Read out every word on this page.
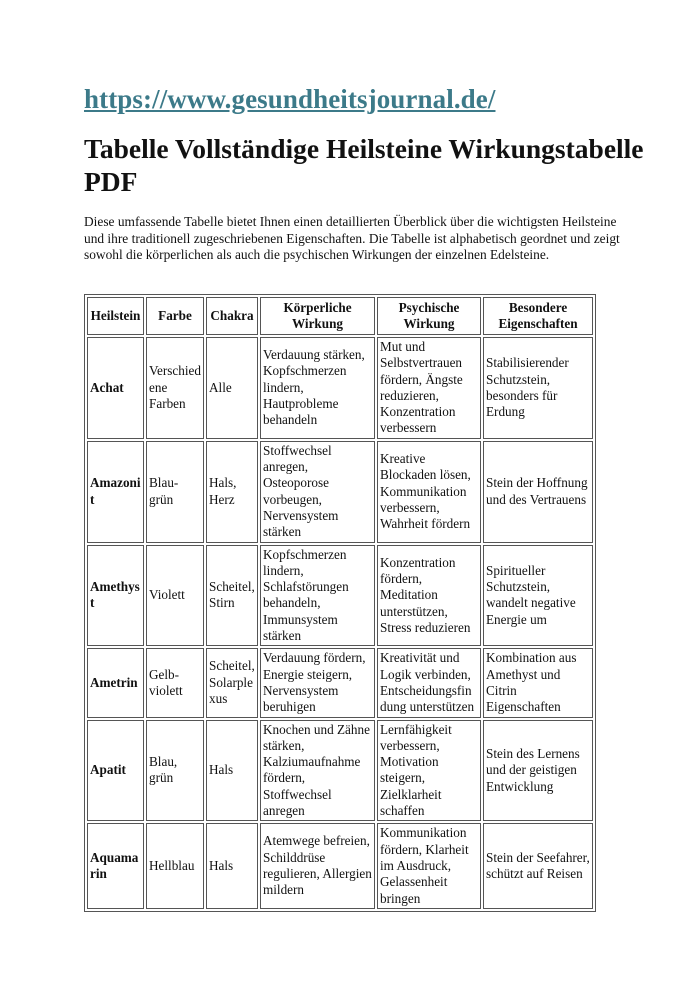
https://www.gesundheitsjournal.de/
Tabelle Vollständige Heilsteine Wirkungstabelle PDF

Diese umfassende Tabelle bietet Ihnen einen detaillierten Überblick über die wichtigsten Heilsteine und ihre traditionell zugeschriebenen Eigenschaften. Die Tabelle ist alphabetisch geordnet und zeigt sowohl die körperlichen als auch die psychischen Wirkungen der einzelnen Edelsteine.

Heilstein	Farbe	Chakra	Körperliche Wirkung	Psychische Wirkung	Besondere Eigenschaften
Achat	Verschiedene Farben	Alle	Verdauung stärken, Kopfschmerzen lindern, Hautprobleme behandeln	Mut und Selbstvertrauen fördern, Ängste reduzieren, Konzentration verbessern	Stabilisierender Schutzstein, besonders für Erdung
Amazonit	Blau-grün	Hals, Herz	Stoffwechsel anregen, Osteoporose vorbeugen, Nervensystem stärken	Kreative Blockaden lösen, Kommunikation verbessern, Wahrheit fördern	Stein der Hoffnung und des Vertrauens
Amethyst	Violett	Scheitel, Stirn	Kopfschmerzen lindern, Schlafstörungen behandeln, Immunsystem stärken	Konzentration fördern, Meditation unterstützen, Stress reduzieren	Spiritueller Schutzstein, wandelt negative Energie um
Ametrin	Gelb-violett	Scheitel, Solarplexus	Verdauung fördern, Energie steigern, Nervensystem beruhigen	Kreativität und Logik verbinden, Entscheidungsfindung unterstützen	Kombination aus Amethyst und Citrin Eigenschaften
Apatit	Blau, grün	Hals	Knochen und Zähne stärken, Kalziumaufnahme fördern, Stoffwechsel anregen	Lernfähigkeit verbessern, Motivation steigern, Zielklarheit schaffen	Stein des Lernens und der geistigen Entwicklung
Aquamarin	Hellblau	Hals	Atemwege befreien, Schilddrüse regulieren, Allergien mildern	Kommunikation fördern, Klarheit im Ausdruck, Gelassenheit bringen	Stein der Seefahrer, schützt auf Reisen
